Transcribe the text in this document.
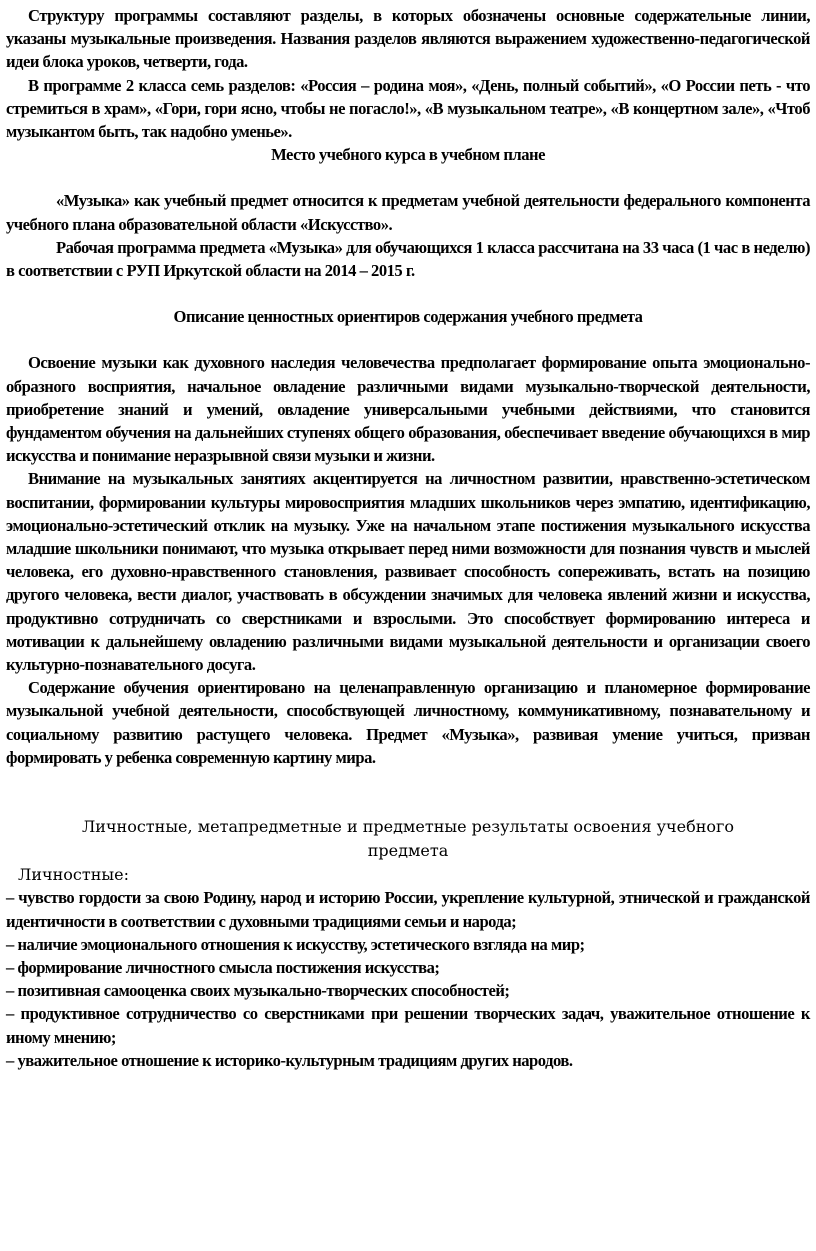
Структуру программы составляют разделы, в которых обозначены основные содержательные линии, указаны музыкальные произведения. Названия разделов являются выражением художественно-педагогической идеи блока уроков, четверти, года.

В программе 2 класса семь разделов: «Россия – родина моя», «День, полный событий», «О России петь - что стремиться в храм», «Гори, гори ясно, чтобы не погасло!», «В музыкальном театре», «В концертном зале», «Чтоб музыкантом быть, так надобно уменье».

Место учебного курса в учебном плане

«Музыка» как учебный предмет относится к предметам учебной деятельности федерального компонента учебного плана образовательной области «Искусство».

Рабочая программа предмета «Музыка» для обучающихся 1 класса рассчитана на 33 часа (1 час в неделю) в соответствии с РУП Иркутской области на 2014 – 2015 г.

Описание ценностных ориентиров содержания учебного предмета

Освоение музыки как духовного наследия человечества предполагает формирование опыта эмоционально-образного восприятия, начальное овладение различными видами музыкально-творческой деятельности, приобретение знаний и умений, овладение универсальными учебными действиями, что становится фундаментом обучения на дальнейших ступенях общего образования, обеспечивает введение обучающихся в мир искусства и понимание неразрывной связи музыки и жизни.

Внимание на музыкальных занятиях акцентируется на личностном развитии, нравственно-эстетическом воспитании, формировании культуры мировосприятия младших школьников через эмпатию, идентификацию, эмоционально-эстетический отклик на музыку. Уже на начальном этапе постижения музыкального искусства младшие школьники понимают, что музыка открывает перед ними возможности для познания чувств и мыслей человека, его духовно-нравственного становления, развивает способность сопереживать, встать на позицию другого человека, вести диалог, участвовать в обсуждении значимых для человека явлений жизни и искусства, продуктивно сотрудничать со сверстниками и взрослыми. Это способствует формированию интереса и мотивации к дальнейшему овладению различными видами музыкальной деятельности и организации своего культурно-познавательного досуга.

Содержание обучения ориентировано на целенаправленную организацию и планомерное формирование музыкальной учебной деятельности, способствующей личностному, коммуникативному, познавательному и социальному развитию растущего человека. Предмет «Музыка», развивая умение учиться, призван формировать у ребенка современную картину мира.

Личностные, метапредметные и предметные результаты освоения учебного предмета

Личностные:

– чувство гордости за свою Родину, народ и историю России, укрепление культурной, этнической и гражданской идентичности в соответствии с духовными традициями семьи и народа;

– наличие эмоционального отношения к искусству, эстетического взгляда на мир;

– формирование личностного смысла постижения искусства;

– позитивная самооценка своих музыкально-творческих способностей;

– продуктивное сотрудничество со сверстниками при решении творческих задач, уважительное отношение к иному мнению;

– уважительное отношение к историко-культурным традициям других народов.
